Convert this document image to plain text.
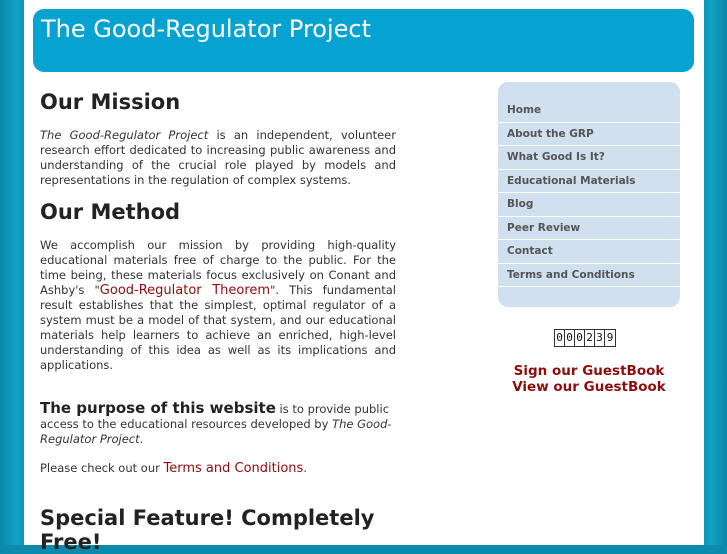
The Good-Regulator Project
Our Mission

The Good-Regulator Project is an independent, volunteer research effort dedicated to increasing public awareness and understanding of the crucial role played by models and representations in the regulation of complex systems.

Our Method

We accomplish our mission by providing high-quality educational materials free of charge to the public. For the time being, these materials focus exclusively on Conant and Ashby's "Good-Regulator Theorem". This fundamental result establishes that the simplest, optimal regulator of a system must be a model of that system, and our educational materials help learners to achieve an enriched, high-level understanding of this idea as well as its implications and applications.

The purpose of this website is to provide public access to the educational resources developed by The Good-Regulator Project.

Please check out our Terms and Conditions.

Special Feature! Completely Free!
Home
About the GRP
What Good Is It?
Educational Materials
Blog
Peer Review
Contact
Terms and Conditions
0 0 0 2 3 9
Sign our GuestBook
View our GuestBook
